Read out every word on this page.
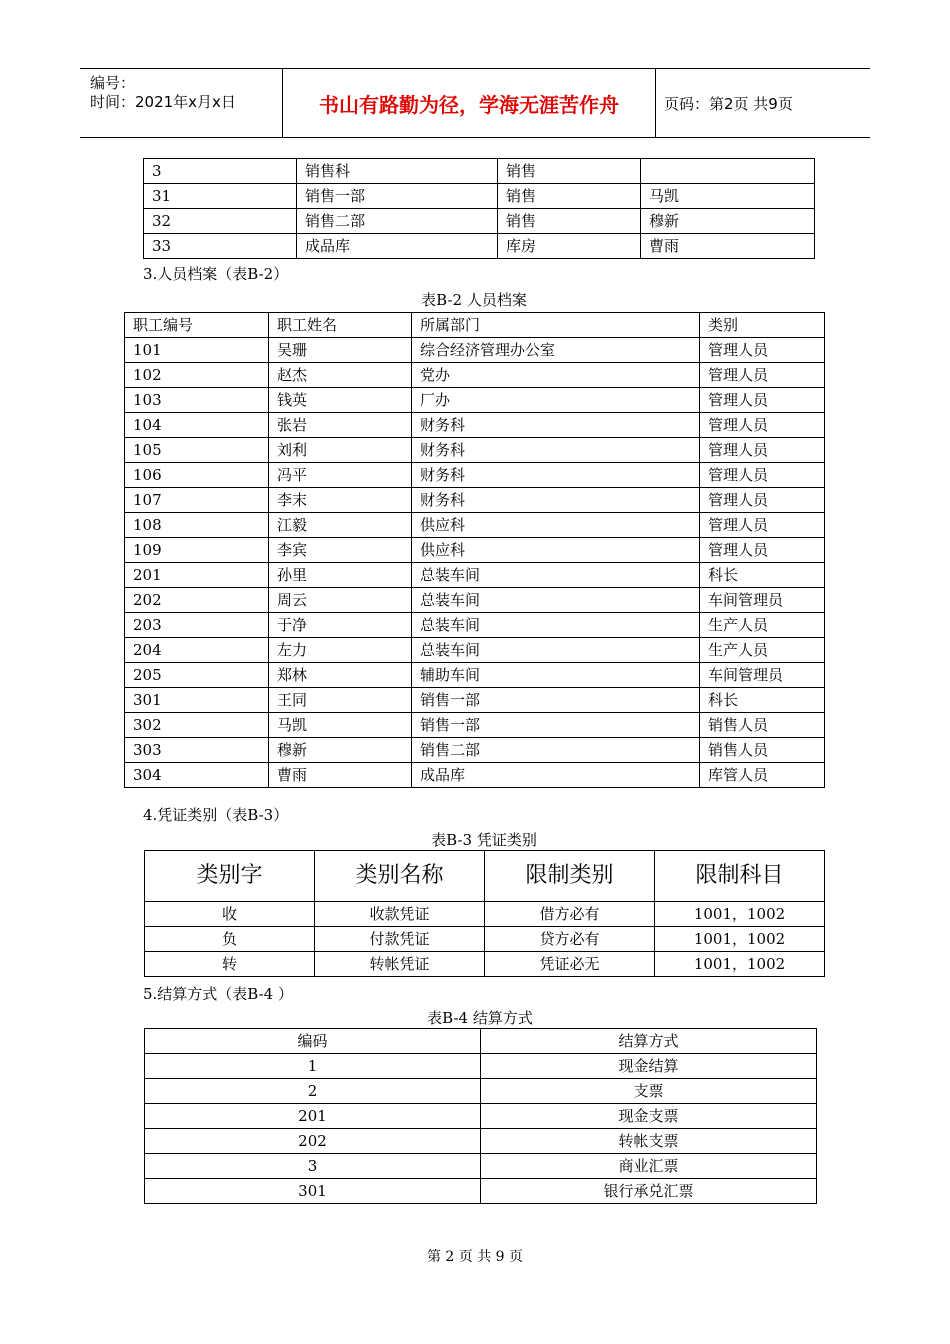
编号：
时间：2021年x月x日	书山有路勤为径，学海无涯苦作舟	页码：第2页 共9页
3	销售科	销售	
31	销售一部	销售	马凯
32	销售二部	销售	穆新
33	成品库	库房	曹雨
3.人员档案（表B-2）
表B-2 人员档案
职工编号	职工姓名	所属部门	类别
101	吴珊	综合经济管理办公室	管理人员
102	赵杰	党办	管理人员
103	钱英	厂办	管理人员
104	张岩	财务科	管理人员
105	刘利	财务科	管理人员
106	冯平	财务科	管理人员
107	李末	财务科	管理人员
108	江毅	供应科	管理人员
109	李宾	供应科	管理人员
201	孙里	总装车间	科长
202	周云	总装车间	车间管理员
203	于净	总装车间	生产人员
204	左力	总装车间	生产人员
205	郑林	辅助车间	车间管理员
301	王同	销售一部	科长
302	马凯	销售一部	销售人员
303	穆新	销售二部	销售人员
304	曹雨	成品库	库管人员
4.凭证类别（表B-3）
表B-3 凭证类别
类别字	类别名称	限制类别	限制科目
收	收款凭证	借方必有	1001，1002
负	付款凭证	贷方必有	1001，1002
转	转帐凭证	凭证必无	1001，1002
5.结算方式（表B-4 ）
表B-4 结算方式
编码	结算方式
1	现金结算
2	支票
201	现金支票
202	转帐支票
3	商业汇票
301	银行承兑汇票
第 2 页 共 9 页
